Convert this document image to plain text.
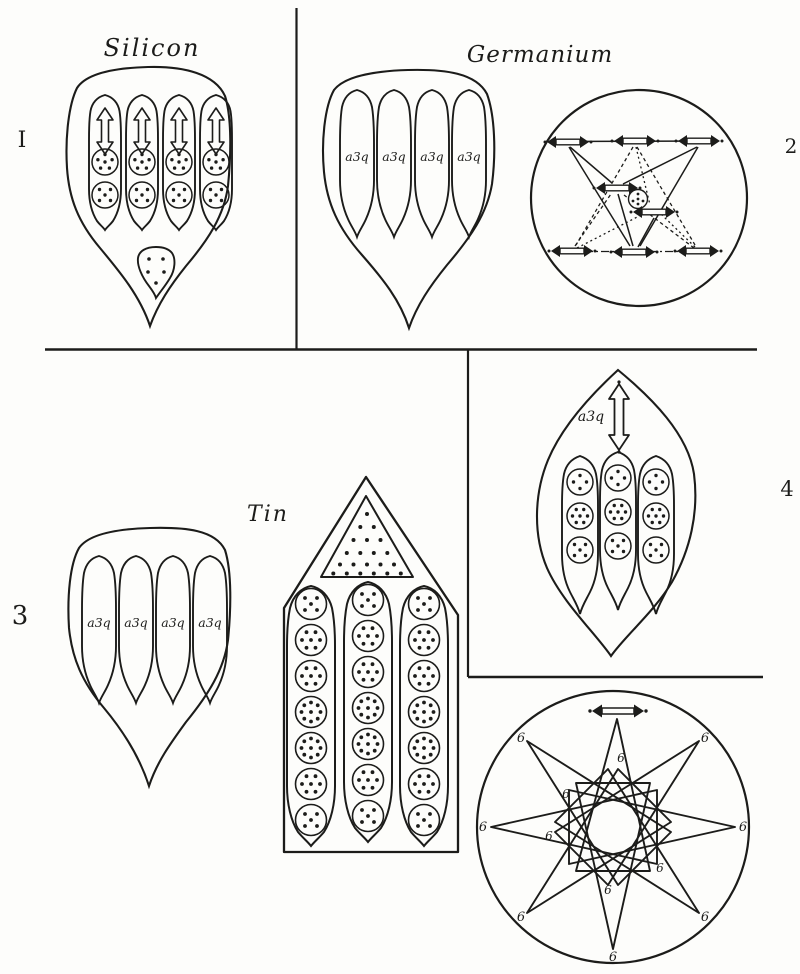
Silicon
I
Germanium
2
a3q a3q a3q a3q
3	a3q a3q a3q a3q
Tin
4
a3q
6
6
6
6
6
6
6
6
6
6
6
6
